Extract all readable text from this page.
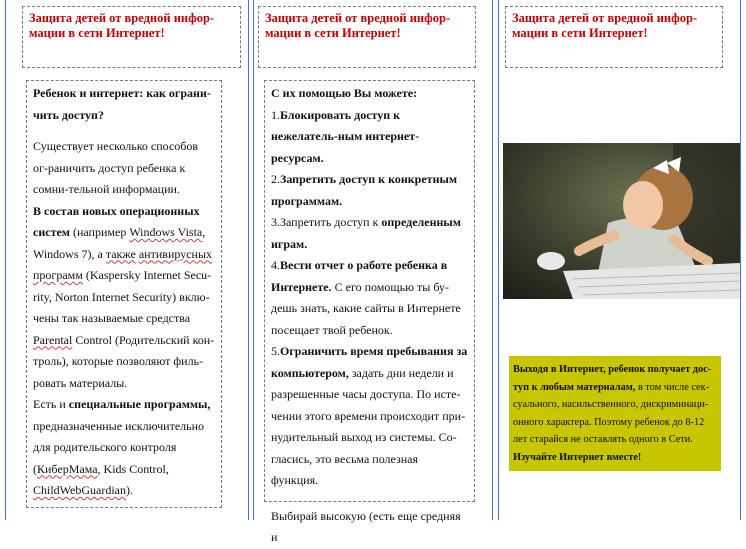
Защита детей от вредной инфор-мации в сети Интернет!
Защита детей от вредной инфор-мации в сети Интернет!
Защита детей от вредной инфор-мации в сети Интернет!

Ребенок и интернет: как ограни-чить доступ?

Существует несколько способов ог-раничить доступ ребенка к сомни-тельной информации.

В состав новых операционных систем (например Windows Vista, Windows 7), а также антивирусных программ (Kaspersky Internet Secu-rity, Norton Internet Security) вклю-чены так называемые средства Parental Control (Родительский кон-троль), которые позволяют филь-ровать материалы.

Есть и специальные программы, предназначенные исключительно для родительского контроля (КиберМама, Kids Control, ChildWebGuardian).

С их помощью Вы можете:

1.Блокировать доступ к нежелатель-ным интернет-ресурсам.

2.Запретить доступ к конкретным программам.

3.Запретить доступ к определенным играм.

4.Вести отчет о работе ребенка в Интернете. С его помощью ты бу-дешь знать, какие сайты в Интернете посещает твой ребенок.

5.Ограничить время пребывания за компьютером, задать дни недели и разрешенные часы доступа. По исте-чении этого времени происходит при-нудительный выход из системы. Со-гласись, это весьма полезная функция.

Выбирай высокую (есть еще средняя и

Выходя в Интернет, ребенок получает дос-туп к любым материалам, в том числе сек-суального, насильственного, дискриминаци-онного характера. Поэтому ребенок до 8-12 лет старайся не оставлять одного в Сети. Изучайте Интернет вместе!
